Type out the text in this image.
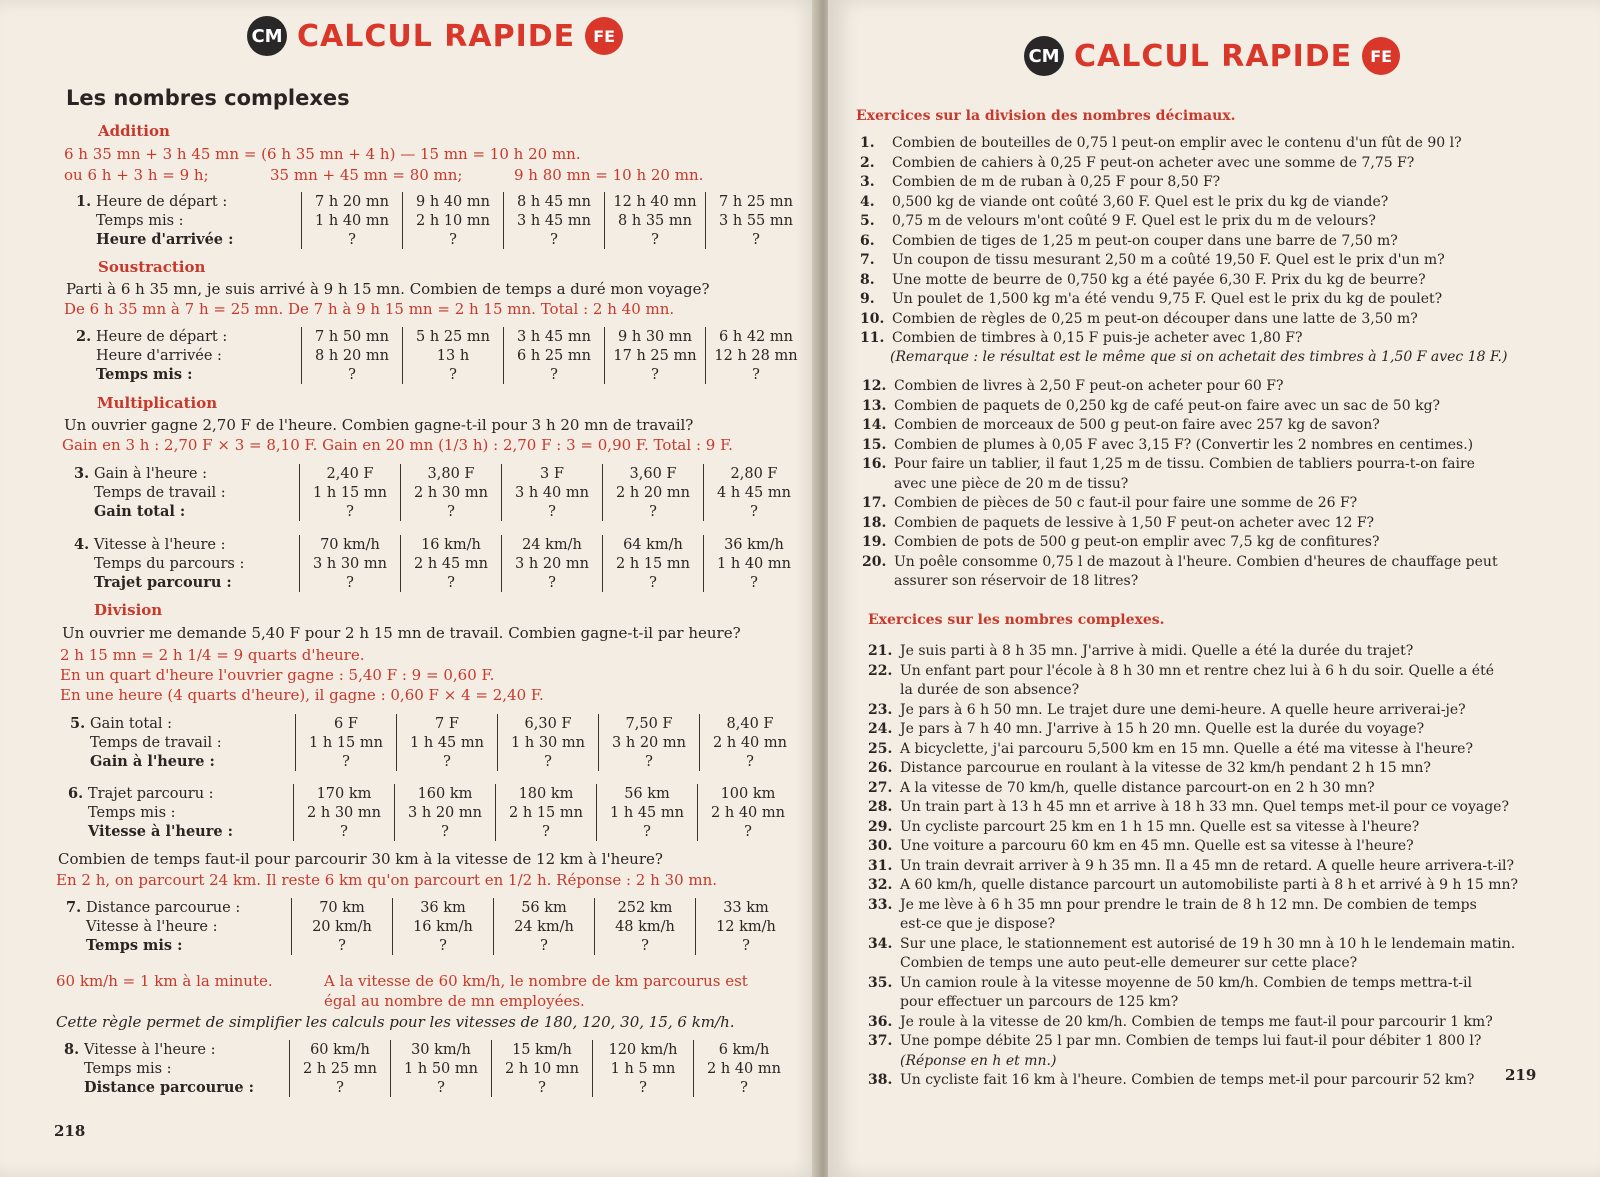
CM CALCUL RAPIDE	FE
Les nombres complexes
Addition
6 h 35 mn + 3 h 45 mn = (6 h 35 mn + 4 h) — 15 mn = 10 h 20 mn.
ou 6 h + 3 h = 9 h;	35 mn + 45 mn = 80 mn;	9 h 80 mn = 10 h 20 mn.
1.	Heure de départ :	7 h 20 mn	9 h 40 mn	8 h 45 mn	12 h 40 mn	7 h 25 mn
	Temps mis :	1 h 40 mn	2 h 10 mn	3 h 45 mn	8 h 35 mn	3 h 55 mn
	Heure d'arrivée :	?	?	?	?	?
Soustraction
Parti à 6 h 35 mn, je suis arrivé à 9 h 15 mn. Combien de temps a duré mon voyage?
De 6 h 35 mn à 7 h = 25 mn. De 7 h à 9 h 15 mn = 2 h 15 mn. Total : 2 h 40 mn.
2.	Heure de départ :	7 h 50 mn	5 h 25 mn	3 h 45 mn	9 h 30 mn	6 h 42 mn
	Heure d'arrivée :	8 h 20 mn	13 h	6 h 25 mn	17 h 25 mn	12 h 28 mn
	Temps mis :	?	?	?	?	?
Multiplication
Un ouvrier gagne 2,70 F de l'heure. Combien gagne-t-il pour 3 h 20 mn de travail?
Gain en 3 h : 2,70 F × 3 = 8,10 F. Gain en 20 mn (1/3 h) : 2,70 F : 3 = 0,90 F. Total : 9 F.
3.	Gain à l'heure :	2,40 F	3,80 F	3 F	3,60 F	2,80 F
	Temps de travail :	1 h 15 mn	2 h 30 mn	3 h 40 mn	2 h 20 mn	4 h 45 mn
	Gain total :	?	?	?	?	?
4.	Vitesse à l'heure :	70 km/h	16 km/h	24 km/h	64 km/h	36 km/h
	Temps du parcours :	3 h 30 mn	2 h 45 mn	3 h 20 mn	2 h 15 mn	1 h 40 mn
	Trajet parcouru :	?	?	?	?	?
Division
Un ouvrier me demande 5,40 F pour 2 h 15 mn de travail. Combien gagne-t-il par heure?
2 h 15 mn = 2 h 1/4 = 9 quarts d'heure.
En un quart d'heure l'ouvrier gagne : 5,40 F : 9 = 0,60 F.
En une heure (4 quarts d'heure), il gagne : 0,60 F × 4 = 2,40 F.
5.	Gain total :	6 F	7 F	6,30 F	7,50 F	8,40 F
	Temps de travail :	1 h 15 mn	1 h 45 mn	1 h 30 mn	3 h 20 mn	2 h 40 mn
	Gain à l'heure :	?	?	?	?	?
6.	Trajet parcouru :	170 km	160 km	180 km	56 km	100 km
	Temps mis :	2 h 30 mn	3 h 20 mn	2 h 15 mn	1 h 45 mn	2 h 40 mn
	Vitesse à l'heure :	?	?	?	?	?
Combien de temps faut-il pour parcourir 30 km à la vitesse de 12 km à l'heure?
En 2 h, on parcourt 24 km. Il reste 6 km qu'on parcourt en 1/2 h. Réponse : 2 h 30 mn.
7.	Distance parcourue :	70 km	36 km	56 km	252 km	33 km
	Vitesse à l'heure :	20 km/h	16 km/h	24 km/h	48 km/h	12 km/h
	Temps mis :	?	?	?	?	?
60 km/h = 1 km à la minute.	A la vitesse de 60 km/h, le nombre de km parcourus est
égal au nombre de mn employées.
Cette règle permet de simplifier les calculs pour les vitesses de 180, 120, 30, 15, 6 km/h.
8.	Vitesse à l'heure :	60 km/h	30 km/h	15 km/h	120 km/h	6 km/h
	Temps mis :	2 h 25 mn	1 h 50 mn	2 h 10 mn	1 h 5 mn	2 h 40 mn
	Distance parcourue :	?	?	?	?	?
218
CM CALCUL RAPIDE	FE
Exercices sur la division des nombres décimaux.
1. Combien de bouteilles de 0,75 l peut-on emplir avec le contenu d'un fût de 90 l?
2. Combien de cahiers à 0,25 F peut-on acheter avec une somme de 7,75 F?
3. Combien de m de ruban à 0,25 F pour 8,50 F?
4. 0,500 kg de viande ont coûté 3,60 F. Quel est le prix du kg de viande?
5. 0,75 m de velours m'ont coûté 9 F. Quel est le prix du m de velours?
6. Combien de tiges de 1,25 m peut-on couper dans une barre de 7,50 m?
7. Un coupon de tissu mesurant 2,50 m a coûté 19,50 F. Quel est le prix d'un m?
8. Une motte de beurre de 0,750 kg a été payée 6,30 F. Prix du kg de beurre?
9. Un poulet de 1,500 kg m'a été vendu 9,75 F. Quel est le prix du kg de poulet?
10. Combien de règles de 0,25 m peut-on découper dans une latte de 3,50 m?
11. Combien de timbres à 0,15 F puis-je acheter avec 1,80 F?
(Remarque : le résultat est le même que si on achetait des timbres à 1,50 F avec 18 F.)
12. Combien de livres à 2,50 F peut-on acheter pour 60 F?
13. Combien de paquets de 0,250 kg de café peut-on faire avec un sac de 50 kg?
14. Combien de morceaux de 500 g peut-on faire avec 257 kg de savon?
15. Combien de plumes à 0,05 F avec 3,15 F? (Convertir les 2 nombres en centimes.)
16. Pour faire un tablier, il faut 1,25 m de tissu. Combien de tabliers pourra-t-on faire
avec une pièce de 20 m de tissu?
17. Combien de pièces de 50 c faut-il pour faire une somme de 26 F?
18. Combien de paquets de lessive à 1,50 F peut-on acheter avec 12 F?
19. Combien de pots de 500 g peut-on emplir avec 7,5 kg de confitures?
20. Un poêle consomme 0,75 l de mazout à l'heure. Combien d'heures de chauffage peut
assurer son réservoir de 18 litres?
Exercices sur les nombres complexes.
21. Je suis parti à 8 h 35 mn. J'arrive à midi. Quelle a été la durée du trajet?
22. Un enfant part pour l'école à 8 h 30 mn et rentre chez lui à 6 h du soir. Quelle a été
la durée de son absence?
23. Je pars à 6 h 50 mn. Le trajet dure une demi-heure. A quelle heure arriverai-je?
24. Je pars à 7 h 40 mn. J'arrive à 15 h 20 mn. Quelle est la durée du voyage?
25. A bicyclette, j'ai parcouru 5,500 km en 15 mn. Quelle a été ma vitesse à l'heure?
26. Distance parcourue en roulant à la vitesse de 32 km/h pendant 2 h 15 mn?
27. A la vitesse de 70 km/h, quelle distance parcourt-on en 2 h 30 mn?
28. Un train part à 13 h 45 mn et arrive à 18 h 33 mn. Quel temps met-il pour ce voyage?
29. Un cycliste parcourt 25 km en 1 h 15 mn. Quelle est sa vitesse à l'heure?
30. Une voiture a parcouru 60 km en 45 mn. Quelle est sa vitesse à l'heure?
31. Un train devrait arriver à 9 h 35 mn. Il a 45 mn de retard. A quelle heure arrivera-t-il?
32. A 60 km/h, quelle distance parcourt un automobiliste parti à 8 h et arrivé à 9 h 15 mn?
33. Je me lève à 6 h 35 mn pour prendre le train de 8 h 12 mn. De combien de temps
est-ce que je dispose?
34. Sur une place, le stationnement est autorisé de 19 h 30 mn à 10 h le lendemain matin.
Combien de temps une auto peut-elle demeurer sur cette place?
35. Un camion roule à la vitesse moyenne de 50 km/h. Combien de temps mettra-t-il
pour effectuer un parcours de 125 km?
36. Je roule à la vitesse de 20 km/h. Combien de temps me faut-il pour parcourir 1 km?
37. Une pompe débite 25 l par mn. Combien de temps lui faut-il pour débiter 1 800 l?
(Réponse en h et mn.)
38. Un cycliste fait 16 km à l'heure. Combien de temps met-il pour parcourir 52 km?	219
